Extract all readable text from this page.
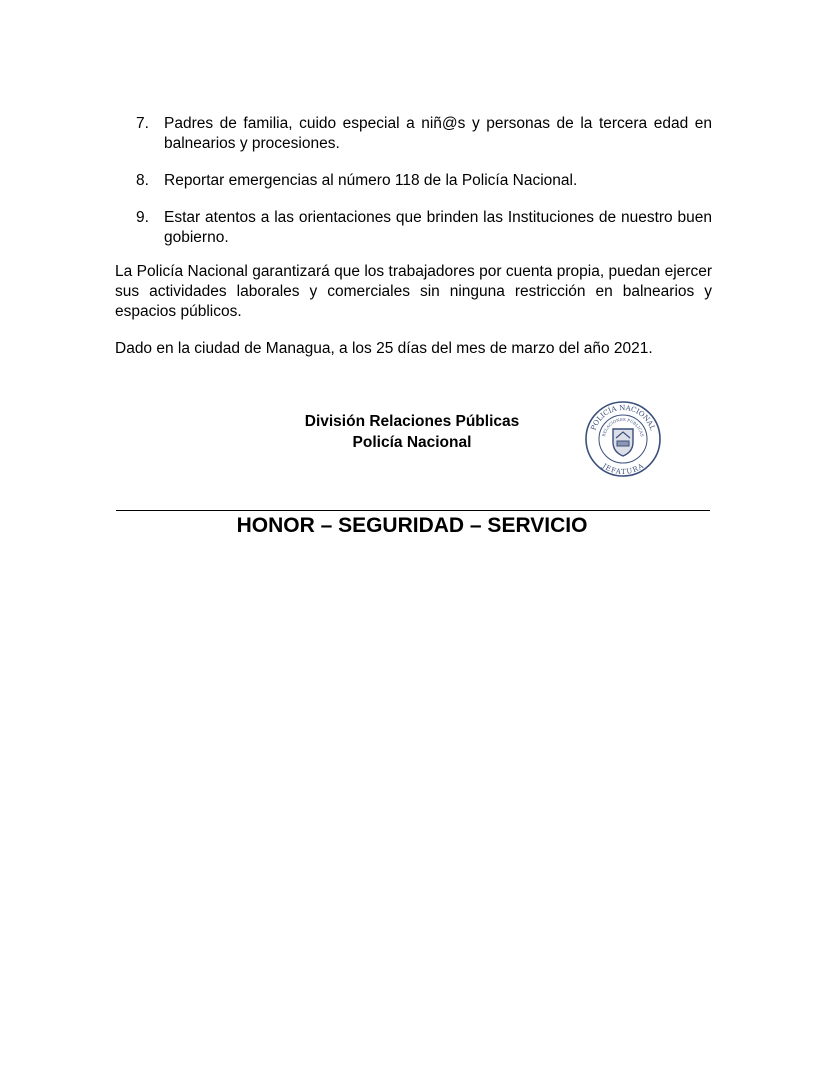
7. Padres de familia, cuido especial a niñ@s y personas de la tercera edad en balnearios y procesiones.
8. Reportar emergencias al número 118 de la Policía Nacional.
9. Estar atentos a las orientaciones que brinden las Instituciones de nuestro buen gobierno.

La Policía Nacional garantizará que los trabajadores por cuenta propia, puedan ejercer sus actividades laborales y comerciales sin ninguna restricción en balnearios y espacios públicos.

Dado en la ciudad de Managua, a los 25 días del mes de marzo del año 2021.

División Relaciones Públicas
Policía Nacional
POLICÍA NACIONAL
RELACIONES PÚBLICAS
JEFATURA
HONOR – SEGURIDAD – SERVICIO
